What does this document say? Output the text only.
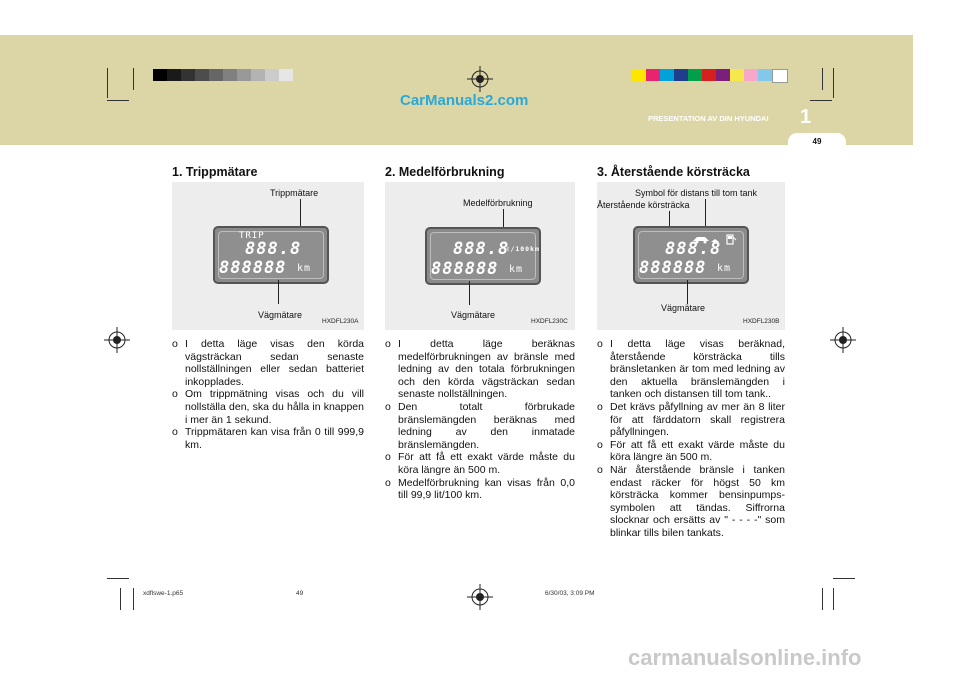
CarManuals2.com
PRESENTATION AV DIN HYUNDAI 1
49
1. Trippmätare
Trippmätare
TRIP
888.8
888888 km
Vägmätare
HXDFL230A
o I detta läge visas den körda vägsträckan sedan senaste nollställningen eller sedan batteriet inkopplades.
o Om trippmätning visas och du vill nollställa den, ska du hålla in knappen i mer än 1 sekund.
o Trippmätaren kan visa från 0 till 999,9 km.
2. Medelförbrukning
Medelförbrukning
888.8
ℓ/100km
888888 km
Vägmätare
HXDFL230C
o I detta läge beräknas medelförbrukningen av bränsle med ledning av den totala förbrukningen och den körda vägsträckan sedan senaste nollställningen.
o Den totalt förbrukade bränslemängden beräknas med ledning av den inmatade bränslemängden.
o För att få ett exakt värde måste du köra längre än 500 m.
o Medelförbrukning kan visas från 0,0 till 99,9 lit/100 km.
3. Återstående körsträcka
Symbol för distans till tom tank
Återstående körsträcka
888.8
888888 km
Vägmätare
HXDFL230B
o I detta läge visas beräknad, återstående körsträcka tills bränsletanken är tom med ledning av den aktuella bränslemängden i tanken och distansen till tom tank..
o Det krävs påfyllning av mer än 8 liter för att färddatorn skall registrera påfyllningen.
o För att få ett exakt värde måste du köra längre än 500 m.
o När återstående bränsle i tanken endast räcker för högst 50 km körsträcka kommer bensinpumps-symbolen att tändas. Siffrorna slocknar och ersätts av " - - - -" som blinkar tills bilen tankats.
xdflswe-1.p65	49	6/30/03, 3:09 PM
carmanualsonline.info
